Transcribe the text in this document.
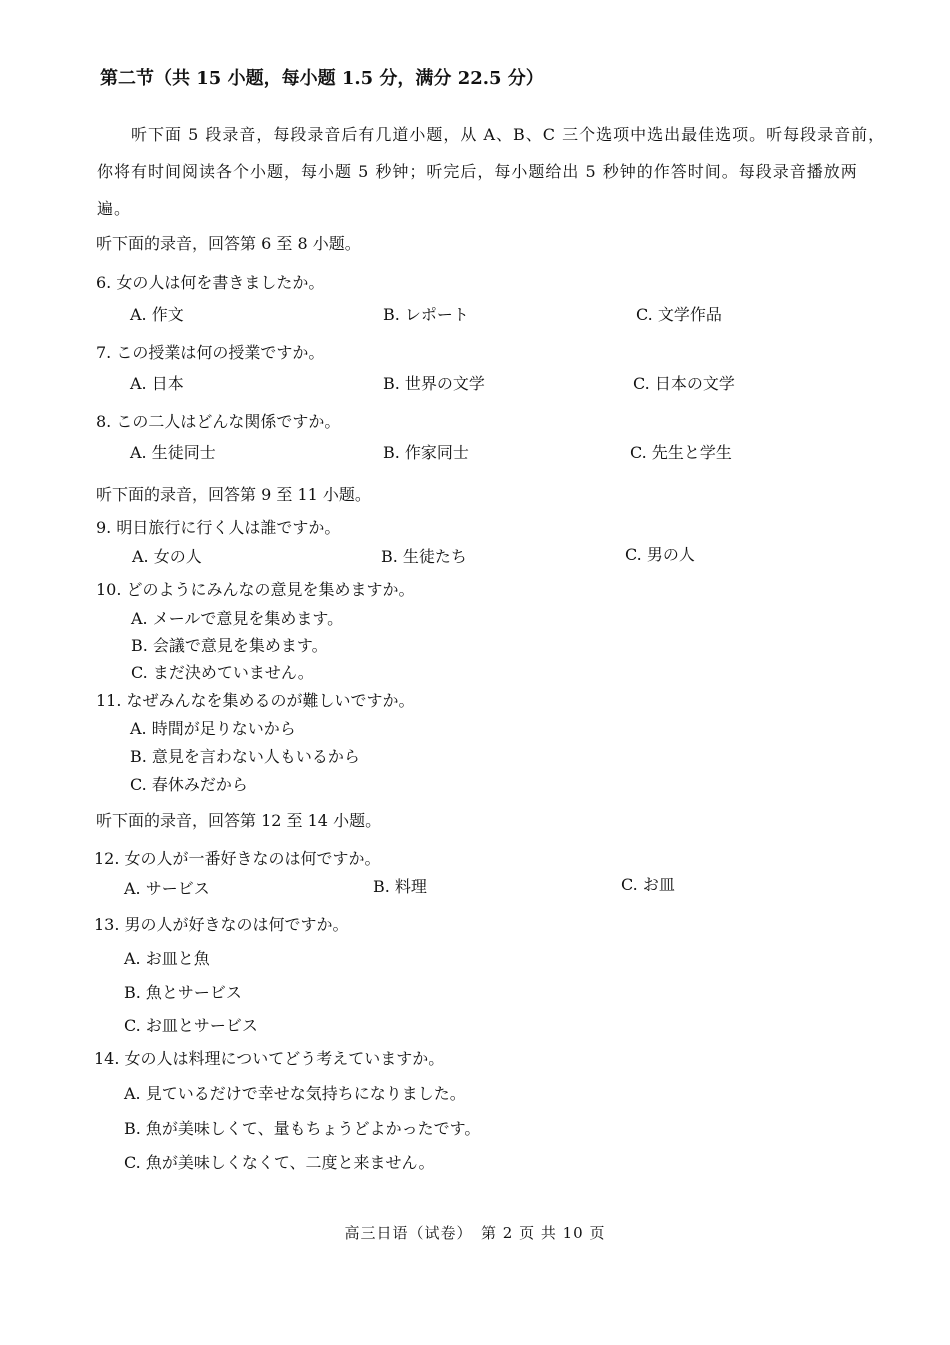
第二节（共 15 小题，每小题 1.5 分，满分 22.5 分）

听下面 5 段录音，每段录音后有几道小题，从 A、B、C 三个选项中选出最佳选项。听每段录音前，你将有时间阅读各个小题，每小题 5 秒钟；听完后，每小题给出 5 秒钟的作答时间。每段录音播放两遍。

听下面的录音，回答第 6 至 8 小题。
6. 女の人は何を書きましたか。
A. 作文	B. レポート	C. 文学作品
7. この授業は何の授業ですか。
A. 日本	B. 世界の文学	C. 日本の文学
8. この二人はどんな関係ですか。
A. 生徒同士	B. 作家同士	C. 先生と学生
听下面的录音，回答第 9 至 11 小题。
9. 明日旅行に行く人は誰ですか。
A. 女の人	B. 生徒たち	C. 男の人
10. どのようにみんなの意見を集めますか。
A. メールで意見を集めます。
B. 会議で意見を集めます。
C. まだ決めていません。
11. なぜみんなを集めるのが難しいですか。
A. 時間が足りないから
B. 意見を言わない人もいるから
C. 春休みだから
听下面的录音，回答第 12 至 14 小题。
12. 女の人が一番好きなのは何ですか。
A. サービス	B. 料理	C. お皿
13. 男の人が好きなのは何ですか。
A. お皿と魚
B. 魚とサービス
C. お皿とサービス
14. 女の人は料理についてどう考えていますか。
A. 見ているだけで幸せな気持ちになりました。
B. 魚が美味しくて、量もちょうどよかったです。
C. 魚が美味しくなくて、二度と来ません。
高三日语（试卷）　第 2 页 共 10 页
